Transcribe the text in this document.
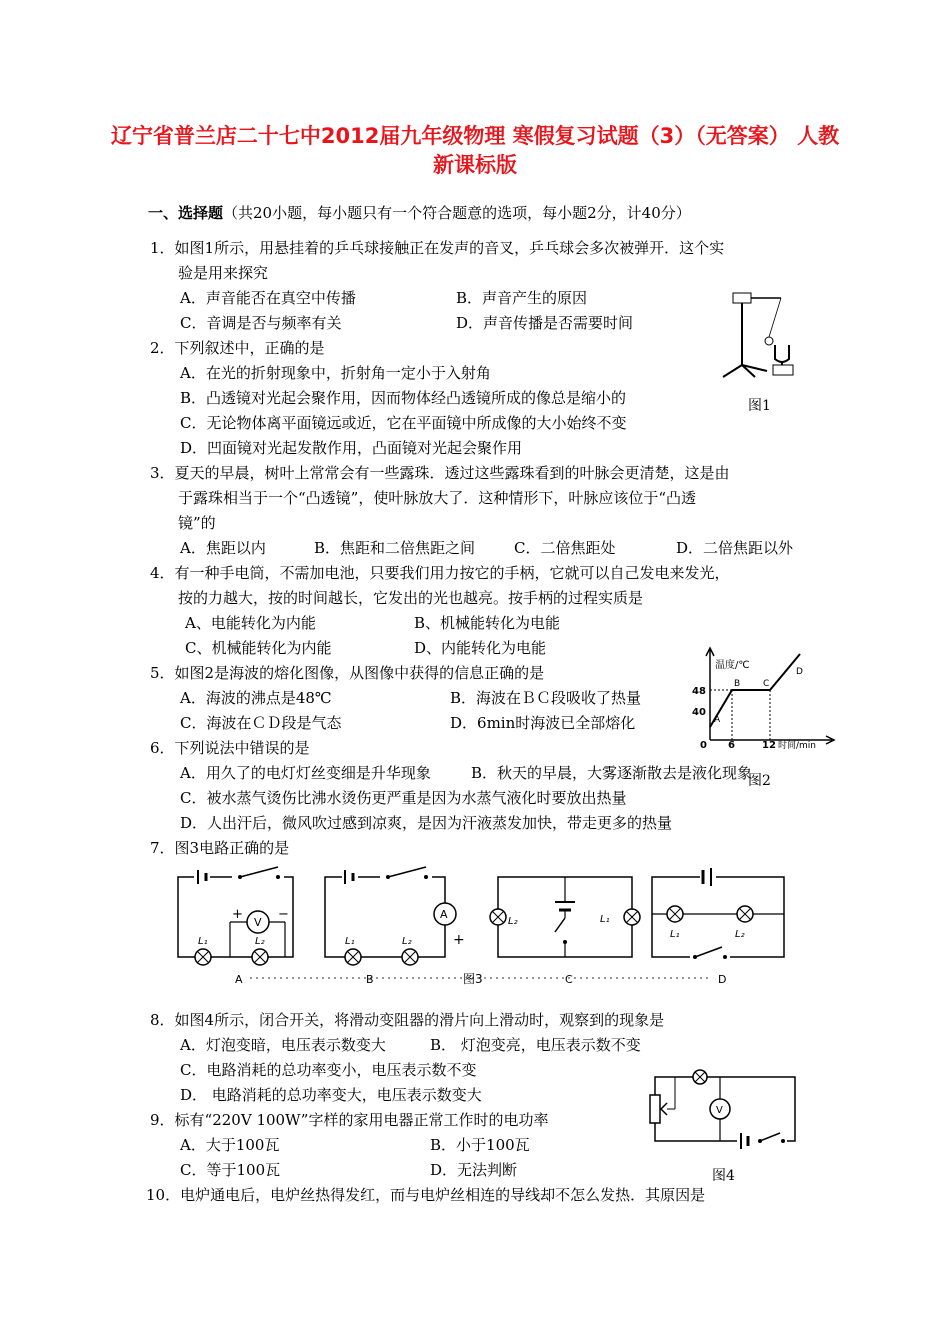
辽宁省普兰店二十七中2012届九年级物理 寒假复习试题（3）（无答案） 人教新课标版
一、选择题（共20小题，每小题只有一个符合题意的选项，每小题2分，计40分）
1．如图1所示，用悬挂着的乒乓球接触正在发声的音叉，乒乓球会多次被弹开．这个实
验是用来探究
A．声音能否在真空中传播	B．声音产生的原因
C．音调是否与频率有关	D．声音传播是否需要时间
图1
2．下列叙述中，正确的是
A．在光的折射现象中，折射角一定小于入射角
B．凸透镜对光起会聚作用，因而物体经凸透镜所成的像总是缩小的
C．无论物体离平面镜远或近，它在平面镜中所成像的大小始终不变
D．凹面镜对光起发散作用，凸面镜对光起会聚作用
3．夏天的早晨，树叶上常常会有一些露珠．透过这些露珠看到的叶脉会更清楚，这是由
于露珠相当于一个“凸透镜”，使叶脉放大了．这种情形下，叶脉应该位于“凸透
镜”的
A．焦距以内	B．焦距和二倍焦距之间	C．二倍焦距处	D．二倍焦距以外
4．有一种手电筒，不需加电池，只要我们用力按它的手柄，它就可以自己发电来发光，
按的力越大，按的时间越长，它发出的光也越亮。按手柄的过程实质是
A、电能转化为内能	B、机械能转化为电能
C、机械能转化为内能	D、内能转化为电能
5．如图2是海波的熔化图像，从图像中获得的信息正确的是
A．海波的沸点是48℃	B．海波在ＢＣ段吸收了热量
C．海波在ＣＤ段是气态	D．6min时海波已全部熔化
温度/℃
48
40
0 6	12 时间/min
A
B	C
D
图2
6．下列说法中错误的是
A．用久了的电灯灯丝变细是升华现象	B．秋天的早晨，大雾逐渐散去是液化现象
C．被水蒸气烫伤比沸水烫伤更严重是因为水蒸气液化时要放出热量
D．人出汗后，微风吹过感到凉爽，是因为汗液蒸发加快，带走更多的热量
7．图3电路正确的是
V
+	−
L₁	L₂
A
+
L₁	L₂
L₂	L₁
L₁	L₂
A	B	图3	C	D
8．如图4所示，闭合开关，将滑动变阻器的滑片向上滑动时，观察到的现象是
A．灯泡变暗，电压表示数变大	B． 灯泡变亮，电压表示数不变
C．电路消耗的总功率变小，电压表示数不变
D． 电路消耗的总功率变大，电压表示数变大
V
图4
9．标有“220V 100W”字样的家用电器正常工作时的电功率
A．大于100瓦	B．小于100瓦
C．等于100瓦	D．无法判断
10．电炉通电后，电炉丝热得发红，而与电炉丝相连的导线却不怎么发热．其原因是
